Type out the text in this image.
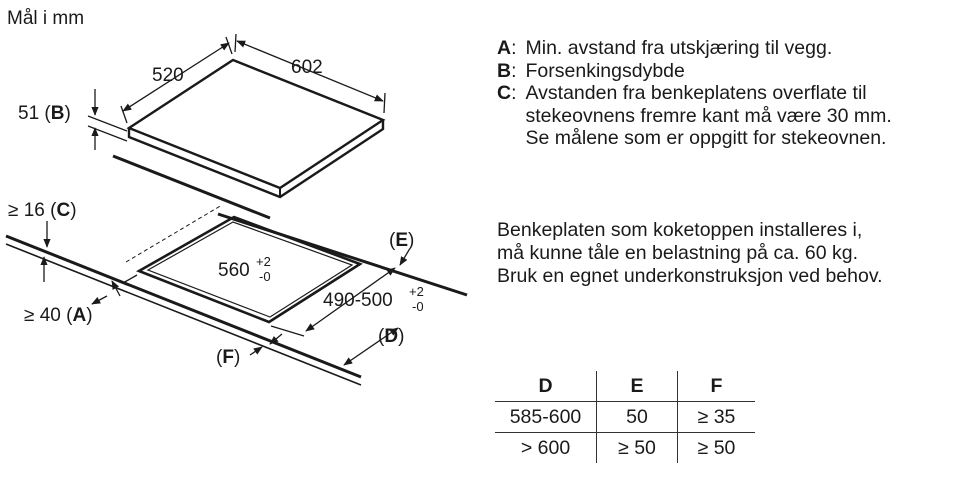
Mål i mm
520	602
51 (B)
560 +2
-0
490-500 +2
-0
≥ 16 (C)
≥ 40 (A)
(E)
(D)
(F)
A : Min. avstand fra utskjæring til vegg.
B : Forsenkingsdybde
C : Avstanden fra benkeplatens overflate til stekeovnens fremre kant må være 30 mm. Se målene som er oppgitt for stekeovnen.

Benkeplaten som koketoppen installeres i,

må kunne tåle en belastning på ca. 60 kg.

Bruk en egnet underkonstruksjon ved behov.

D	E	F
585-600	50	≥ 35
> 600	≥ 50	≥ 50
